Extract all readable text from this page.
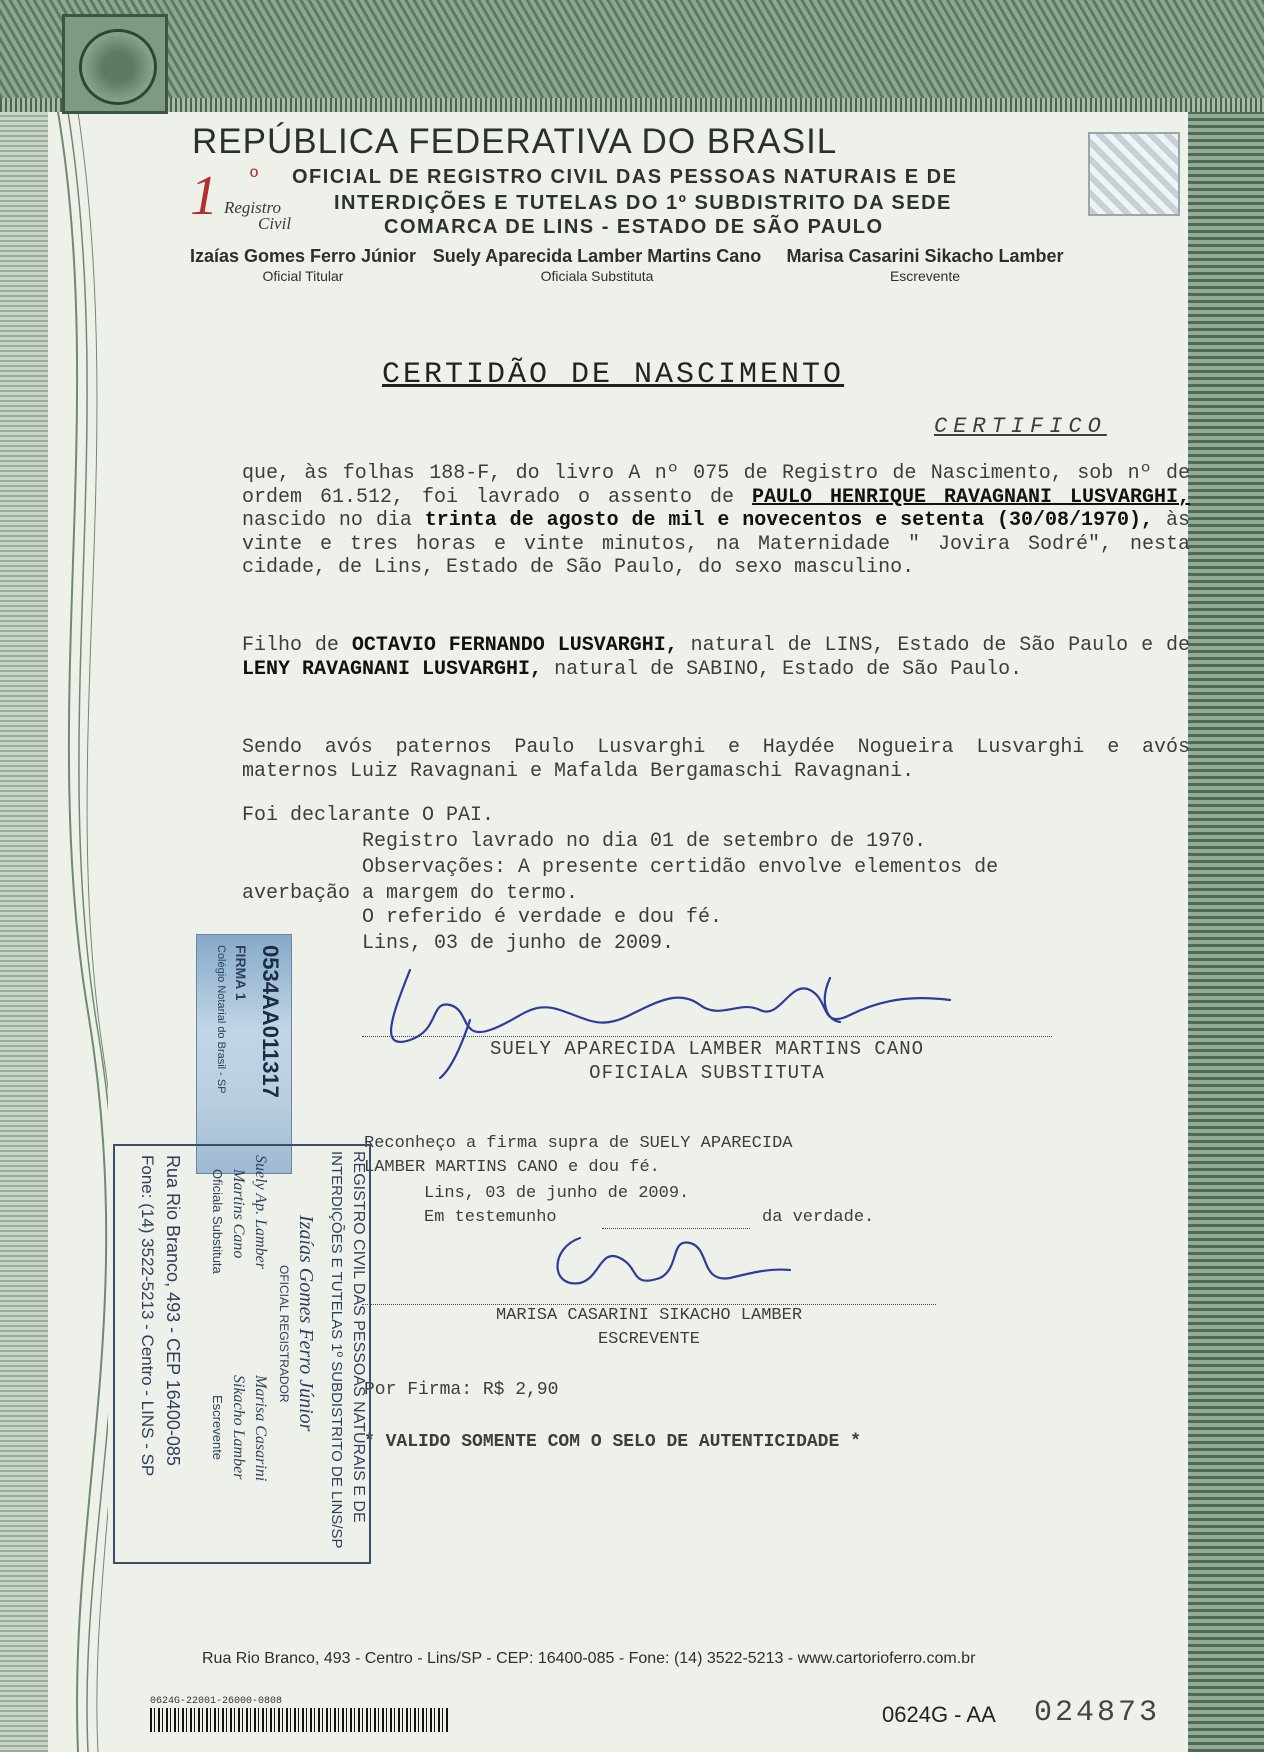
REPÚBLICA FEDERATIVA DO BRASIL
1 º
Registro
Civil
OFICIAL DE REGISTRO CIVIL DAS PESSOAS NATURAIS E DE
INTERDIÇÕES E TUTELAS DO 1º SUBDISTRITO DA SEDE
COMARCA DE LINS - ESTADO DE SÃO PAULO
Izaías Gomes Ferro Júnior
Oficial Titular
Suely Aparecida Lamber Martins Cano
Oficiala Substituta
Marisa Casarini Sikacho Lamber
Escrevente
CERTIDÃO DE NASCIMENTO
CERTIFICO
que, às folhas 188-F, do livro A nº 075 de Registro de Nascimento, sob nº de ordem 61.512, foi lavrado o assento de PAULO HENRIQUE RAVAGNANI LUSVARGHI, nascido no dia trinta de agosto de mil e novecentos e setenta (30/08/1970), às vinte e tres horas e vinte minutos, na Maternidade " Jovira Sodré", nesta cidade, de Lins, Estado de São Paulo, do sexo masculino.
Filho de OCTAVIO FERNANDO LUSVARGHI, natural de LINS, Estado de São Paulo e de LENY RAVAGNANI LUSVARGHI, natural de SABINO, Estado de São Paulo.
Sendo avós paternos Paulo Lusvarghi e Haydée Nogueira Lusvarghi e avós maternos Luiz Ravagnani e Mafalda Bergamaschi Ravagnani.
Foi declarante O PAI.
Registro lavrado no dia 01 de setembro de 1970.
Observações: A presente certidão envolve elementos de
averbação a margem do termo.
O referido é verdade e dou fé.
Lins, 03 de junho de 2009.
SUELY APARECIDA LAMBER MARTINS CANO
OFICIALA SUBSTITUTA
Reconheço a firma supra de SUELY APARECIDA
LAMBER MARTINS CANO e dou fé.
Lins, 03 de junho de 2009.
Em testemunho	da verdade.
MARISA CASARINI SIKACHO LAMBER
ESCREVENTE
Por Firma: R$ 2,90
* VALIDO SOMENTE COM O SELO DE AUTENTICIDADE *
0534AA011317
FIRMA 1
Colégio Notarial do Brasil - SP
REGISTRO CIVIL DAS PESSOAS NATURAIS E DE
INTERDIÇÕES E TUTELAS 1º SUBDISTRITO DE LINS/SP
Izaías Gomes Ferro Júnior
OFICIAL REGISTRADOR
Suely Ap. Lamber
Marisa Casarini
Martins Cano
Sikacho Lamber
Oficiala Substituta
Escrevente
Rua Rio Branco, 493 - CEP 16400-085
Fone: (14) 3522-5213 - Centro - LINS - SP
Rua Rio Branco, 493 - Centro - Lins/SP - CEP: 16400-085 - Fone: (14) 3522-5213 - www.cartorioferro.com.br
0624G-22001-26000-0808
0624G - AA 024873
